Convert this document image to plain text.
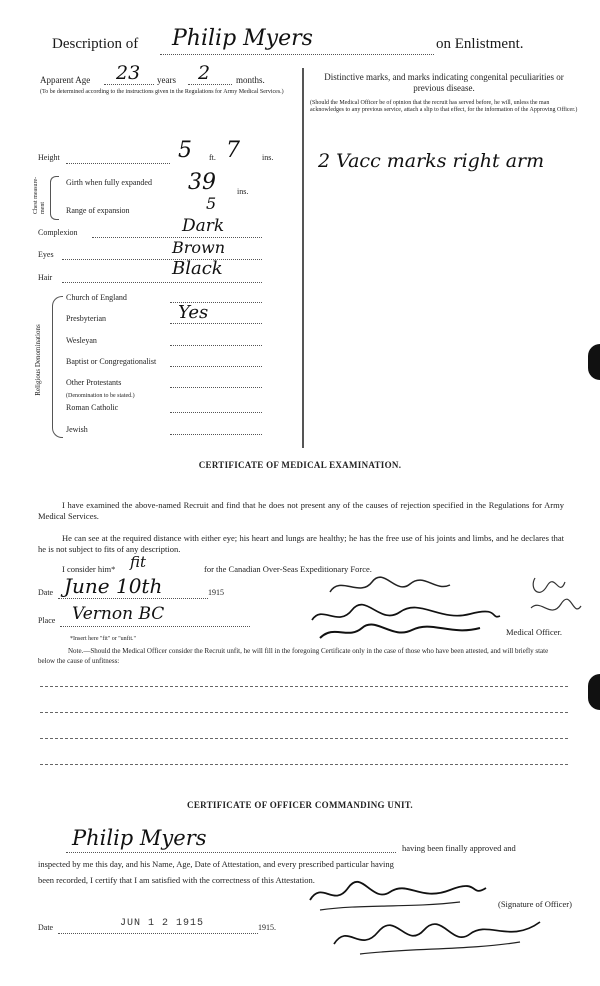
Description of Philip Myers	on Enlistment.
Apparent Age 23 years 2	months.
(To be determined according to the instructions given in the Regulations for Army Medical Services.)
Distinctive marks, and marks indicating congenital peculiarities or previous disease.
(Should the Medical Officer be of opinion that the recruit has served before, he will, unless the man acknowledges to any previous service, attach a slip to that effect, for the information of the Approving Officer.)
2 Vacc marks right arm
Height	5 ft. 7	ins.
Chest measure-ment
Girth when fully expanded	39	ins.
Range of expansion	5
Complexion	Dark
Eyes	Brown
Hair	Black
Religious Denominations
Church of England
Presbyterian	Yes
Wesleyan
Baptist or Congregationalist
Other Protestants
Roman Catholic
Jewish
(Denomination to be stated.)
CERTIFICATE OF MEDICAL EXAMINATION.
I have examined the above-named Recruit and find that he does not present any of the causes of rejection specified in the Regulations for Army Medical Services.
He can see at the required distance with either eye; his heart and lungs are healthy; he has the free use of his joints and limbs, and he declares that he is not subject to fits of any description.
I consider him* fit	for the Canadian Over-Seas Expeditionary Force.
Date June 10th	1915
Place Vernon BC
Medical Officer.
*Insert here "fit" or "unfit."
Note.—Should the Medical Officer consider the Recruit unfit, he will fill in the foregoing Certificate only in the case of those who have been attested, and will briefly state below the cause of unfitness:
CERTIFICATE OF OFFICER COMMANDING UNIT.
Philip Myers	having been finally approved and
inspected by me this day, and his Name, Age, Date of Attestation, and every prescribed particular having
been recorded, I certify that I am satisfied with the correctness of this Attestation.
(Signature of Officer)
Date	JUN 1 2 1915	1915.
